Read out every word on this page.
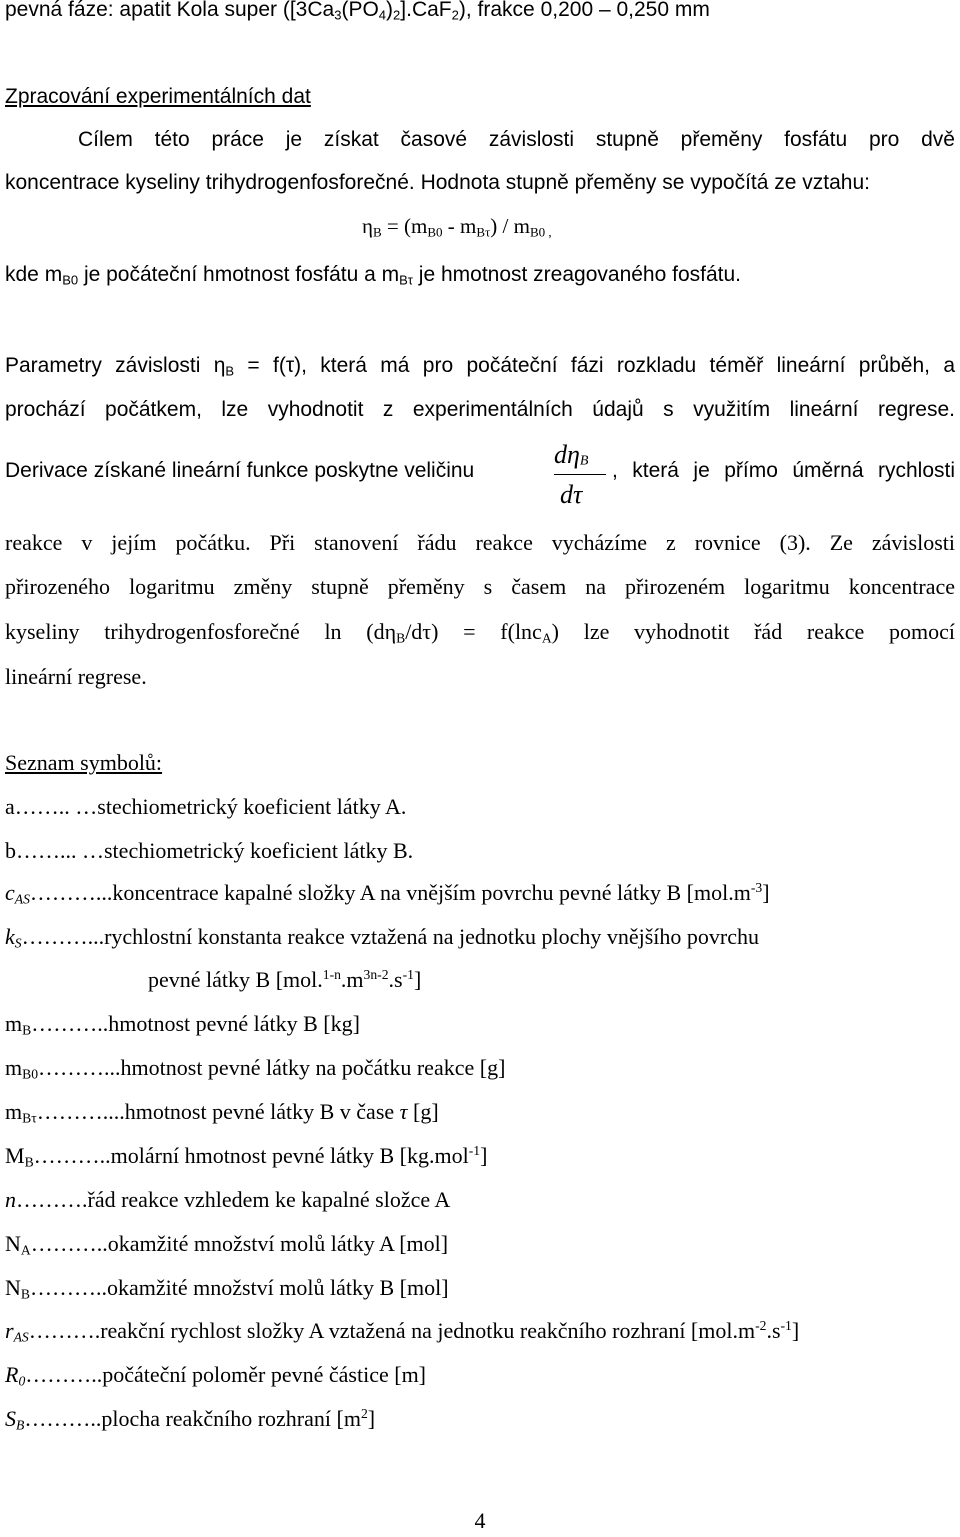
pevná fáze: apatit Kola super $([3Ca_3(PO_4)_2].CaF_2)$, frakce 0,200 – 0,250 mm
Zpracování experimentálních dat
Cílem této práce je získat časové závislosti stupně přeměny fosfátu pro dvě
koncentrace kyseliny trihydrogenfosforečné. Hodnota stupně přeměny se vypočítá ze vztahu:
$\eta_B = (m_{B0} - m_{B\tau}) / m_{B0 ,}$
kde $m_{B0}$ je počáteční hmotnost fosfátu a $m_{B\tau}$ je hmotnost zreagovaného fosfátu.
Parametry závislosti $\eta_B = f(\tau)$, která má pro počáteční fázi rozkladu téměř lineární průběh, a
prochází počátkem, lze vyhodnotit z experimentálních údajů s využitím lineární regrese.
Derivace získané lineární funkce poskytne veličinu
$d\eta_B$
dτ
, která je přímo úměrná rychlosti
reakce v jejím počátku. Při stanovení řádu reakce vycházíme z rovnice (3). Ze závislosti
přirozeného logaritmu změny stupně přeměny s časem na přirozeném logaritmu koncentrace
kyseliny trihydrogenfosforečné $\ln (d\eta_B/d\tau) = f(\ln c_A)$ lze vyhodnotit řád reakce pomocí
lineární regrese.
Seznam symbolů:
a…….. …stechiometrický koeficient látky A.
b……... …stechiometrický koeficient látky B.
$c_{AS}\dots\dots\dots...koncentrace$ kapalné složky A na vnějším povrchu pevné látky B $[mol.m^{-3}]$
$k_S\dots\dots\dots...rychlostní$ konstanta reakce vztažená na jednotku plochy vnějšího povrchu
pevné látky B $[mol.^{1-n}.m^{3n-2}.s^{-1}]$
$m_B\dots\dots\dots..hmotnost$ pevné látky B [kg]
$m_{B0}\dots\dots\dots...hmotnost$ pevné látky na počátku reakce [g]
$m_{B\tau}\dots\dots\dots....hmotnost$ pevné látky B v čase τ [g]
$M_B\dots\dots\dots..molární$ hmotnost pevné látky B [kg.mol$^{-1}$]
n……….řád reakce vzhledem ke kapalné složce A
$N_A\dots\dots\dots..okamžité$ množství molů látky A [mol]
$N_B\dots\dots\dots..okamžité$ množství molů látky B [mol]
$r_{AS}\dots\dots\dots.reakční$ rychlost složky A vztažená na jednotku reakčního rozhraní $[mol.m^{-2}.s^{-1}]$
$R_0\dots\dots\dots..počáteční$ poloměr pevné částice [m]
$S_B\dots\dots\dots..plocha$ reakčního rozhraní $[m^2]$
4
